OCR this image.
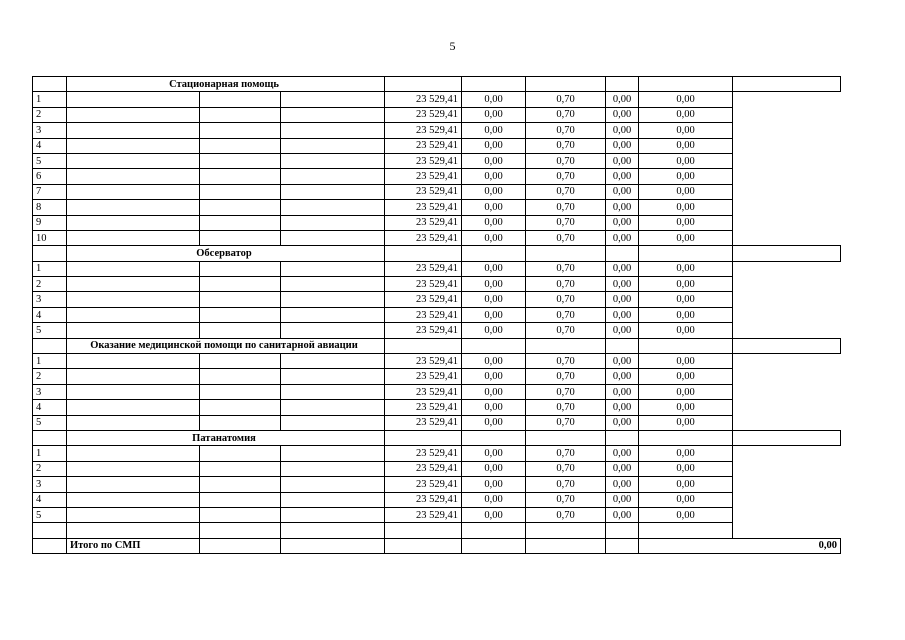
5
	Стационарная помощь								
1				23 529,41	0,00	0,70	0,00	0,00	
2				23 529,41	0,00	0,70	0,00	0,00	
3				23 529,41	0,00	0,70	0,00	0,00	
4				23 529,41	0,00	0,70	0,00	0,00	
5				23 529,41	0,00	0,70	0,00	0,00	
6				23 529,41	0,00	0,70	0,00	0,00	
7				23 529,41	0,00	0,70	0,00	0,00	
8				23 529,41	0,00	0,70	0,00	0,00	
9				23 529,41	0,00	0,70	0,00	0,00	
10				23 529,41	0,00	0,70	0,00	0,00	
	Обсерватор								
1				23 529,41	0,00	0,70	0,00	0,00	
2				23 529,41	0,00	0,70	0,00	0,00	
3				23 529,41	0,00	0,70	0,00	0,00	
4				23 529,41	0,00	0,70	0,00	0,00	
5				23 529,41	0,00	0,70	0,00	0,00	
	Оказание медицинской помощи по санитарной авиации								
1				23 529,41	0,00	0,70	0,00	0,00	
2				23 529,41	0,00	0,70	0,00	0,00	
3				23 529,41	0,00	0,70	0,00	0,00	
4				23 529,41	0,00	0,70	0,00	0,00	
5				23 529,41	0,00	0,70	0,00	0,00	
	Патанатомия								
1				23 529,41	0,00	0,70	0,00	0,00	
2				23 529,41	0,00	0,70	0,00	0,00	
3				23 529,41	0,00	0,70	0,00	0,00	
4				23 529,41	0,00	0,70	0,00	0,00	
5				23 529,41	0,00	0,70	0,00	0,00	

	Итого по СМП							0,00	
